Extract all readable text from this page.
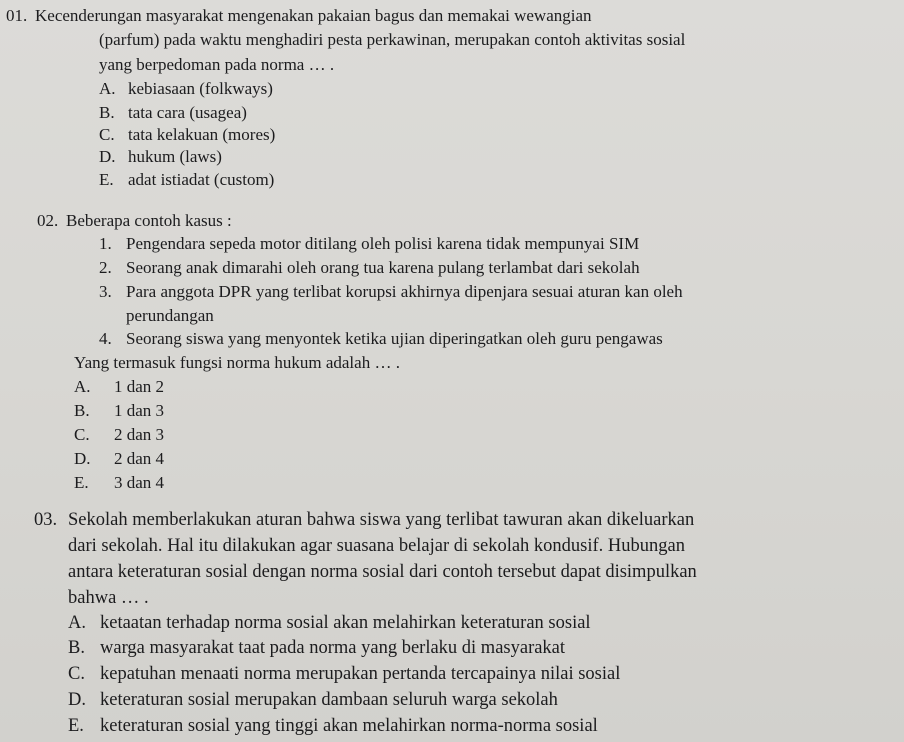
01. Kecenderungan masyarakat mengenakan pakaian bagus dan memakai wewangian
(parfum) pada waktu menghadiri pesta perkawinan, merupakan contoh aktivitas sosial
yang berpedoman pada norma … .
A. kebiasaan (folkways)
B. tata cara (usagea)
C. tata kelakuan (mores)
D. hukum (laws)
E. adat istiadat (custom)
02. Beberapa contoh kasus :
1. Pengendara sepeda motor ditilang oleh polisi karena tidak mempunyai SIM
2. Seorang anak dimarahi oleh orang tua karena pulang terlambat dari sekolah
3. Para anggota DPR yang terlibat korupsi akhirnya dipenjara sesuai aturan kan oleh
perundangan
4. Seorang siswa yang menyontek ketika ujian diperingatkan oleh guru pengawas
Yang termasuk fungsi norma hukum adalah … .
A. 1 dan 2
B. 1 dan 3
C. 2 dan 3
D. 2 dan 4
E. 3 dan 4
03. Sekolah memberlakukan aturan bahwa siswa yang terlibat tawuran akan dikeluarkan
dari sekolah. Hal itu dilakukan agar suasana belajar di sekolah kondusif. Hubungan
antara keteraturan sosial dengan norma sosial dari contoh tersebut dapat disimpulkan
bahwa … .
A. ketaatan terhadap norma sosial akan melahirkan keteraturan sosial
B. warga masyarakat taat pada norma yang berlaku di masyarakat
C. kepatuhan menaati norma merupakan pertanda tercapainya nilai sosial
D. keteraturan sosial merupakan dambaan seluruh warga sekolah
E. keteraturan sosial yang tinggi akan melahirkan norma-norma sosial
